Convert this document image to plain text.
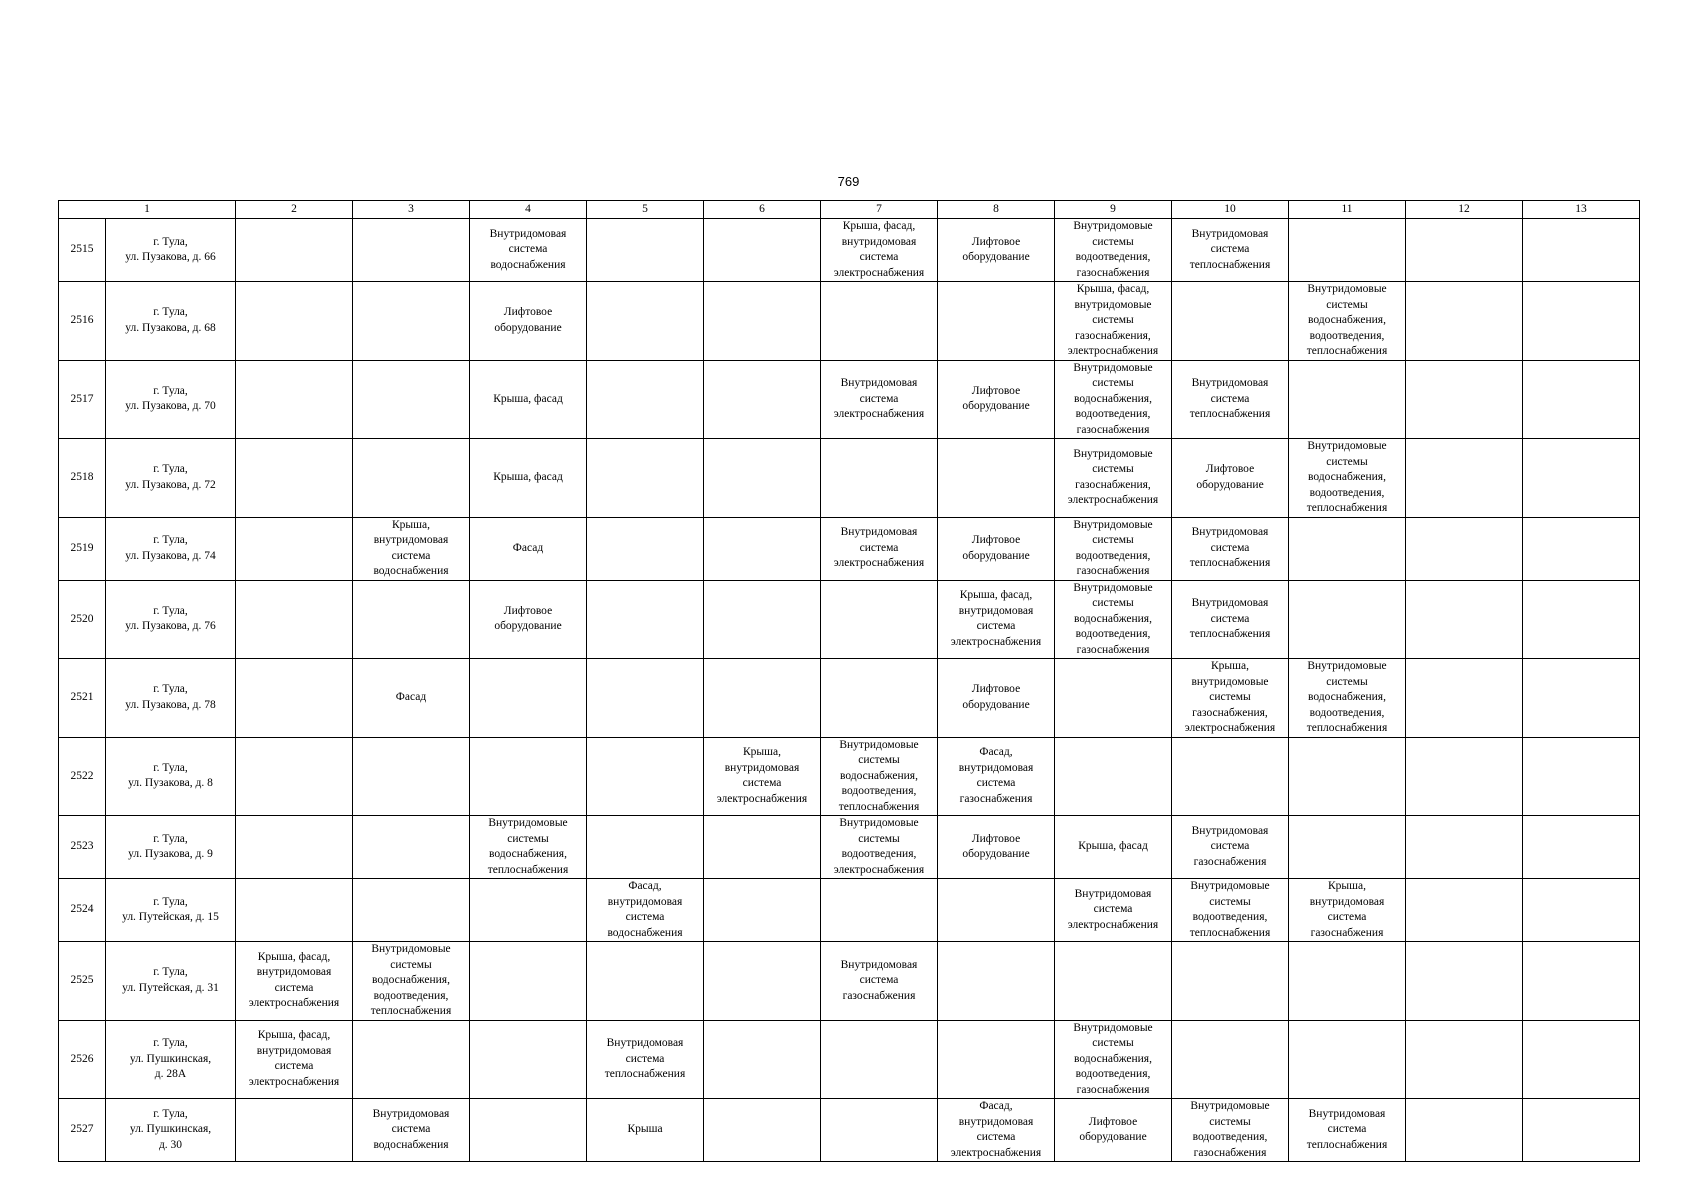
769
1		2	3	4	5	6	7	8	9	10	11	12	13
2515	г. Тула,
ул. Пузакова, д. 66			Внутридомовая
система
водоснабжения			Крыша, фасад,
внутридомовая
система
электроснабжения	Лифтовое
оборудование	Внутридомовые
системы
водоотведения,
газоснабжения	Внутридомовая
система
теплоснабжения			
2516	г. Тула,
ул. Пузакова, д. 68			Лифтовое
оборудование					Крыша, фасад,
внутридомовые
системы
газоснабжения,
электроснабжения		Внутридомовые
системы
водоснабжения,
водоотведения,
теплоснабжения		
2517	г. Тула,
ул. Пузакова, д. 70			Крыша, фасад			Внутридомовая
система
электроснабжения	Лифтовое
оборудование	Внутридомовые
системы
водоснабжения,
водоотведения,
газоснабжения	Внутридомовая
система
теплоснабжения			
2518	г. Тула,
ул. Пузакова, д. 72			Крыша, фасад					Внутридомовые
системы
газоснабжения,
электроснабжения	Лифтовое
оборудование	Внутридомовые
системы
водоснабжения,
водоотведения,
теплоснабжения		
2519	г. Тула,
ул. Пузакова, д. 74		Крыша,
внутридомовая
система
водоснабжения	Фасад			Внутридомовая
система
электроснабжения	Лифтовое
оборудование	Внутридомовые
системы
водоотведения,
газоснабжения	Внутридомовая
система
теплоснабжения			
2520	г. Тула,
ул. Пузакова, д. 76			Лифтовое
оборудование				Крыша, фасад,
внутридомовая
система
электроснабжения	Внутридомовые
системы
водоснабжения,
водоотведения,
газоснабжения	Внутридомовая
система
теплоснабжения			
2521	г. Тула,
ул. Пузакова, д. 78		Фасад					Лифтовое
оборудование		Крыша,
внутридомовые
системы
газоснабжения,
электроснабжения	Внутридомовые
системы
водоснабжения,
водоотведения,
теплоснабжения		
2522	г. Тула,
ул. Пузакова, д. 8					Крыша,
внутридомовая
система
электроснабжения	Внутридомовые
системы
водоснабжения,
водоотведения,
теплоснабжения	Фасад,
внутридомовая
система
газоснабжения					
2523	г. Тула,
ул. Пузакова, д. 9			Внутридомовые
системы
водоснабжения,
теплоснабжения			Внутридомовые
системы
водоотведения,
электроснабжения	Лифтовое
оборудование	Крыша, фасад	Внутридомовая
система
газоснабжения			
2524	г. Тула,
ул. Путейская, д. 15				Фасад,
внутридомовая
система
водоснабжения				Внутридомовая
система
электроснабжения	Внутридомовые
системы
водоотведения,
теплоснабжения	Крыша,
внутридомовая
система
газоснабжения		
2525	г. Тула,
ул. Путейская, д. 31	Крыша, фасад,
внутридомовая
система
электроснабжения	Внутридомовые
системы
водоснабжения,
водоотведения,
теплоснабжения				Внутридомовая
система
газоснабжения						
2526	г. Тула,
ул. Пушкинская,
д. 28А	Крыша, фасад,
внутридомовая
система
электроснабжения			Внутридомовая
система
теплоснабжения				Внутридомовые
системы
водоснабжения,
водоотведения,
газоснабжения				
2527	г. Тула,
ул. Пушкинская,
д. 30		Внутридомовая
система
водоснабжения		Крыша			Фасад,
внутридомовая
система
электроснабжения	Лифтовое
оборудование	Внутридомовые
системы
водоотведения,
газоснабжения	Внутридомовая
система
теплоснабжения		
